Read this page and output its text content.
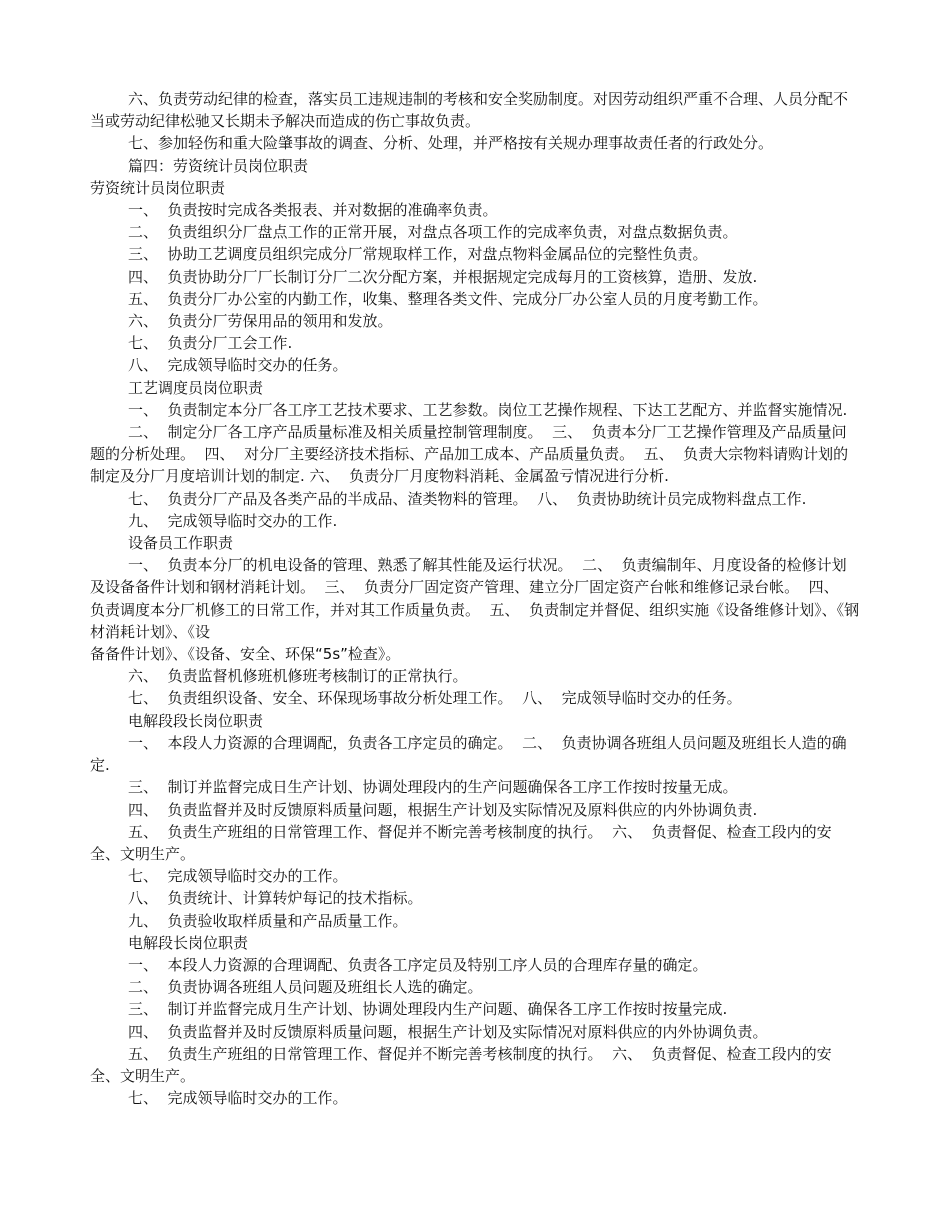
六、负责劳动纪律的检查，落实员工违规违制的考核和安全奖励制度。对因劳动组织严重不合理、人员分配不当或劳动纪律松驰又长期未予解决而造成的伤亡事故负责。

七、参加轻伤和重大险肇事故的调查、分析、处理，并严格按有关规办理事故责任者的行政处分。

篇四：劳资统计员岗位职责

劳资统计员岗位职责

一、  负责按时完成各类报表、并对数据的准确率负责。

二、  负责组织分厂盘点工作的正常开展，对盘点各项工作的完成率负责，对盘点数据负责。

三、  协助工艺调度员组织完成分厂常规取样工作，对盘点物料金属品位的完整性负责。

四、  负责协助分厂厂长制订分厂二次分配方案，并根据规定完成每月的工资核算，造册、发放.

五、  负责分厂办公室的内勤工作，收集、整理各类文件、完成分厂办公室人员的月度考勤工作。

六、  负责分厂劳保用品的领用和发放。

七、  负责分厂工会工作.

八、  完成领导临时交办的任务。

工艺调度员岗位职责

一、  负责制定本分厂各工序工艺技术要求、工艺参数。岗位工艺操作规程、下达工艺配方、并监督实施情况.

二、  制定分厂各工序产品质量标准及相关质量控制管理制度。  三、  负责本分厂工艺操作管理及产品质量问题的分析处理。  四、  对分厂主要经济技术指标、产品加工成本、产品质量负责。  五、  负责大宗物料请购计划的制定及分厂月度培训计划的制定. 六、  负责分厂月度物料消耗、金属盈亏情况进行分析.

七、  负责分厂产品及各类产品的半成品、渣类物料的管理。  八、  负责协助统计员完成物料盘点工作.

九、  完成领导临时交办的工作.

设备员工作职责

一、  负责本分厂的机电设备的管理、熟悉了解其性能及运行状况。  二、  负责编制年、月度设备的检修计划及设备备件计划和钢材消耗计划。  三、  负责分厂固定资产管理、建立分厂固定资产台帐和维修记录台帐。  四、  负责调度本分厂机修工的日常工作，并对其工作质量负责。  五、  负责制定并督促、组织实施《设备维修计划》、《钢材消耗计划》、《设

备备件计划》、《设备、安全、环保“5s”检查》。

六、  负责监督机修班机修班考核制订的正常执行。

七、  负责组织设备、安全、环保现场事故分析处理工作。  八、  完成领导临时交办的任务。

电解段段长岗位职责

一、  本段人力资源的合理调配，负责各工序定员的确定。  二、  负责协调各班组人员问题及班组长人造的确定.

三、  制订并监督完成日生产计划、协调处理段内的生产问题确保各工序工作按时按量无成。

四、  负责监督并及时反馈原料质量问题，根据生产计划及实际情况及原料供应的内外协调负责.

五、  负责生产班组的日常管理工作、督促并不断完善考核制度的执行。  六、  负责督促、检查工段内的安全、文明生产。

七、  完成领导临时交办的工作。

八、  负责统计、计算转炉每记的技术指标。

九、  负责验收取样质量和产品质量工作。

电解段长岗位职责

一、  本段人力资源的合理调配、负责各工序定员及特别工序人员的合理库存量的确定。

二、  负责协调各班组人员问题及班组长人选的确定。

三、  制订并监督完成月生产计划、协调处理段内生产问题、确保各工序工作按时按量完成.

四、  负责监督并及时反馈原料质量问题，根据生产计划及实际情况对原料供应的内外协调负责。

五、  负责生产班组的日常管理工作、督促并不断完善考核制度的执行。  六、  负责督促、检查工段内的安全、文明生产。

七、  完成领导临时交办的工作。
